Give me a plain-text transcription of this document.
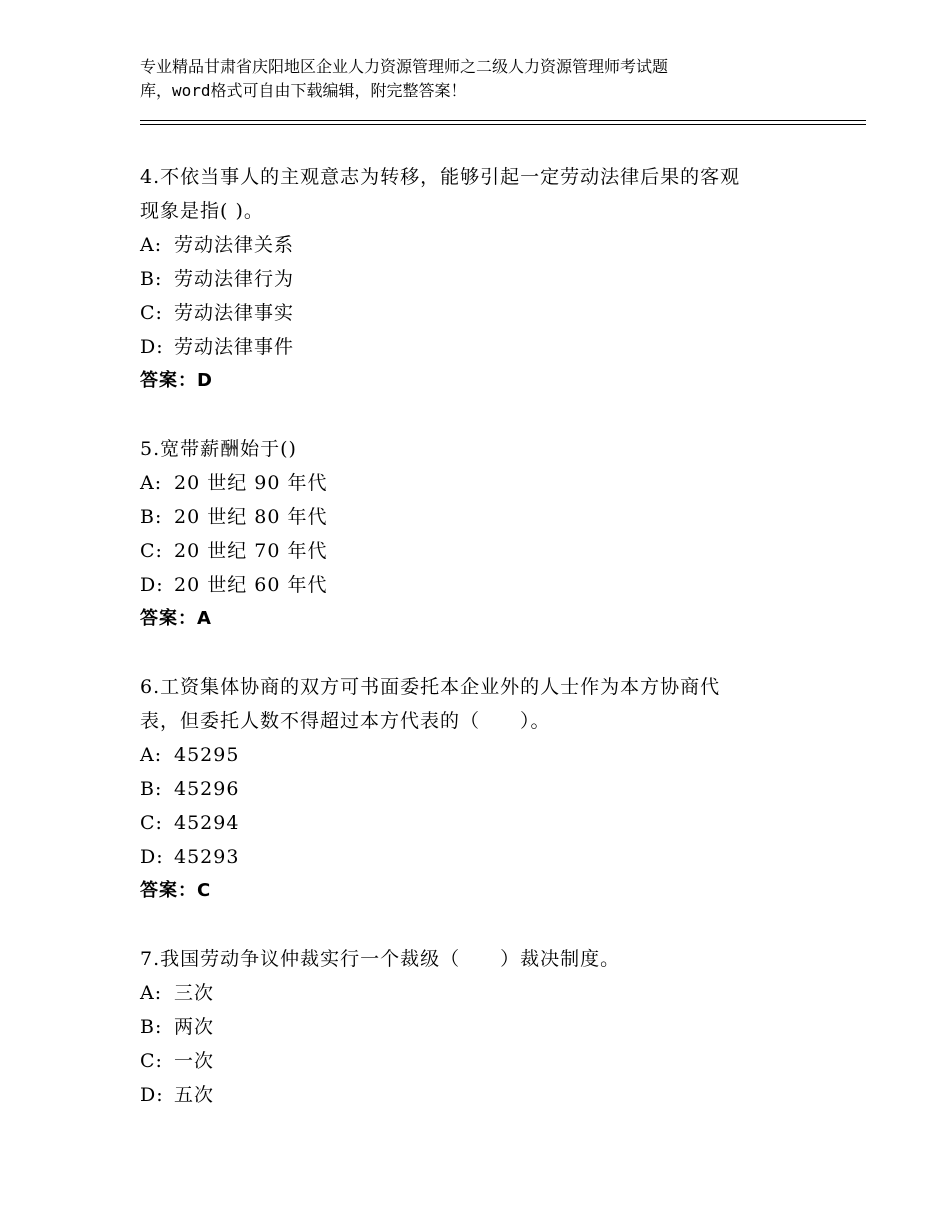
专业精品甘肃省庆阳地区企业人力资源管理师之二级人力资源管理师考试题
库，word格式可自由下载编辑，附完整答案！
4.不依当事人的主观意志为转移，能够引起一定劳动法律后果的客观
现象是指( )。
A: 劳动法律关系
B: 劳动法律行为
C: 劳动法律事实
D: 劳动法律事件
答案：D
5.宽带薪酬始于()
A: 20 世纪 90 年代
B: 20 世纪 80 年代
C: 20 世纪 70 年代
D: 20 世纪 60 年代
答案：A
6.工资集体协商的双方可书面委托本企业外的人士作为本方协商代
表，但委托人数不得超过本方代表的（　　）。
A: 45295
B: 45296
C: 45294
D: 45293
答案：C
7.我国劳动争议仲裁实行一个裁级（　　）裁决制度。
A: 三次
B: 两次
C: 一次
D: 五次
